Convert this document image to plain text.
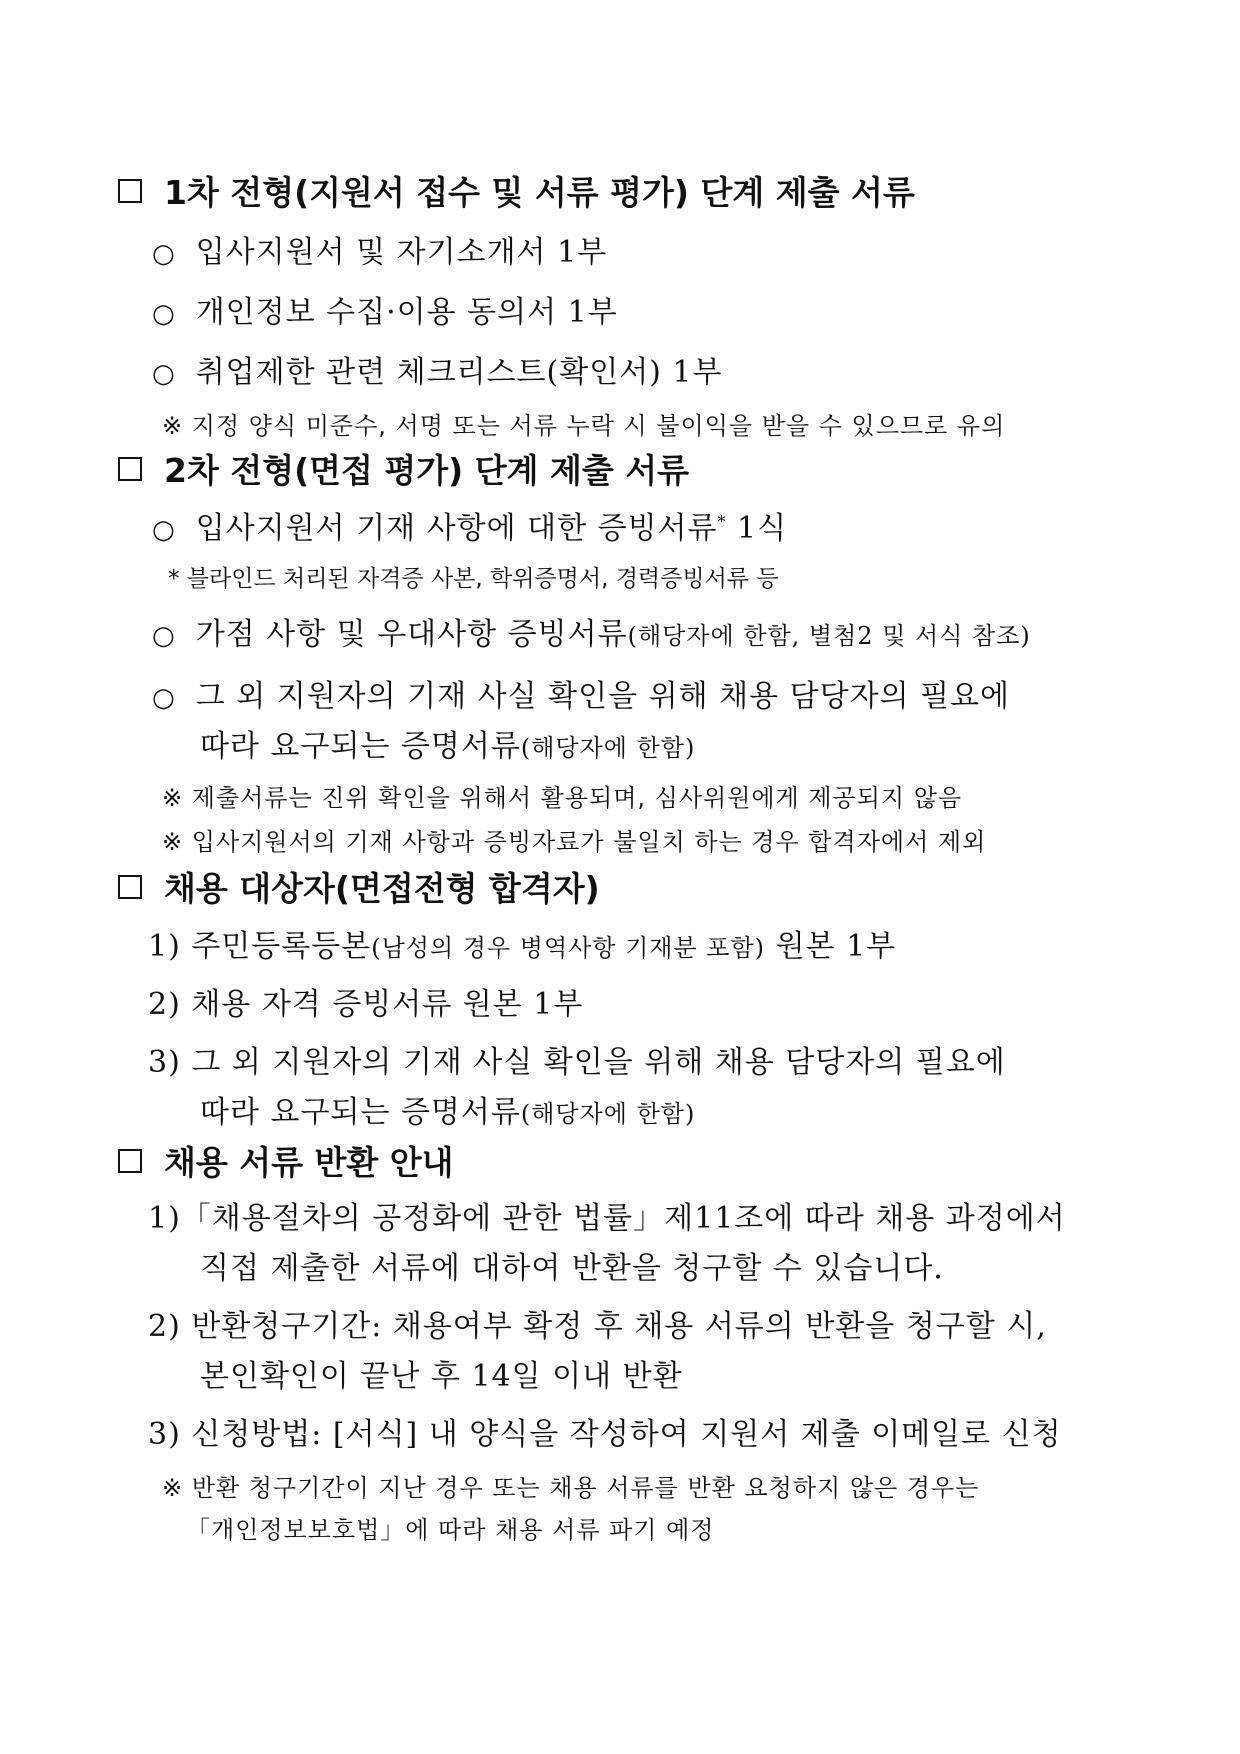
1차 전형(지원서 접수 및 서류 평가) 단계 제출 서류
○ 입사지원서 및 자기소개서 1부
○ 개인정보 수집·이용 동의서 1부
○ 취업제한 관련 체크리스트(확인서) 1부
※ 지정 양식 미준수, 서명 또는 서류 누락 시 불이익을 받을 수 있으므로 유의
2차 전형(면접 평가) 단계 제출 서류
○ 입사지원서 기재 사항에 대한 증빙서류* 1식
* 블라인드 처리된 자격증 사본, 학위증명서, 경력증빙서류 등
○ 가점 사항 및 우대사항 증빙서류(해당자에 한함, 별첨2 및 서식 참조)
○ 그 외 지원자의 기재 사실 확인을 위해 채용 담당자의 필요에
따라 요구되는 증명서류(해당자에 한함)
※ 제출서류는 진위 확인을 위해서 활용되며, 심사위원에게 제공되지 않음
※ 입사지원서의 기재 사항과 증빙자료가 불일치 하는 경우 합격자에서 제외
채용 대상자(면접전형 합격자)
1) 주민등록등본(남성의 경우 병역사항 기재분 포함) 원본 1부
2) 채용 자격 증빙서류 원본 1부
3) 그 외 지원자의 기재 사실 확인을 위해 채용 담당자의 필요에
따라 요구되는 증명서류(해당자에 한함)
채용 서류 반환 안내
1)「채용절차의 공정화에 관한 법률」제11조에 따라 채용 과정에서
직접 제출한 서류에 대하여 반환을 청구할 수 있습니다.
2) 반환청구기간: 채용여부 확정 후 채용 서류의 반환을 청구할 시,
본인확인이 끝난 후 14일 이내 반환
3) 신청방법: [서식] 내 양식을 작성하여 지원서 제출 이메일로 신청
※ 반환 청구기간이 지난 경우 또는 채용 서류를 반환 요청하지 않은 경우는
「개인정보보호법」에 따라 채용 서류 파기 예정
